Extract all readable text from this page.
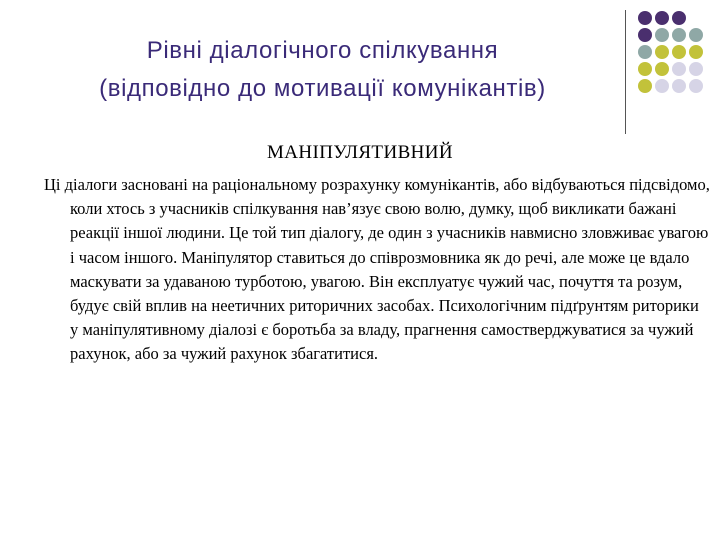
Рівні діалогічного спілкування
(відповідно до мотивації комунікантів)
МАНІПУЛЯТИВНИЙ

Ці діалоги засновані на раціональному розрахунку комунікантів, або відбуваються підсвідомо, коли хтось з учасників спілкування нав’язує свою волю, думку, щоб викликати бажані реакції іншої людини. Це той тип діалогу, де один з учасників навмисно зловживає увагою і часом іншого. Маніпулятор ставиться до співрозмовника як до речі, але може це вдало маскувати за удаваною турботою, увагою. Він експлуатує чужий час, почуття та розум, будує свій вплив на неетичних риторичних засобах. Психологічним підґрунтям риторики у маніпулятивному діалозі є боротьба за владу, прагнення самостверджуватися за чужий рахунок, або за чужий рахунок збагатитися.
